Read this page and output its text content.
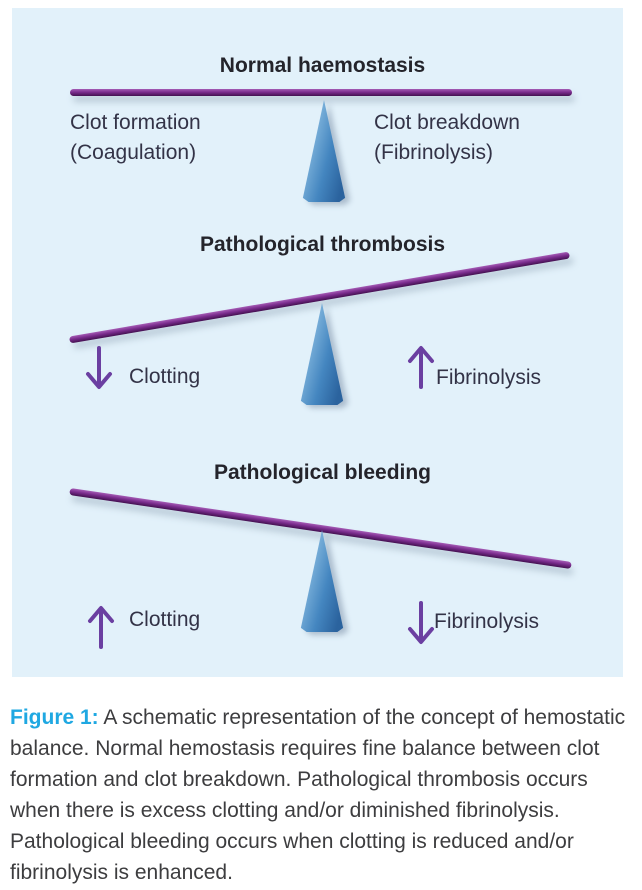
Normal haemostasis
Clot formation
(Coagulation)
Clot breakdown
(Fibrinolysis)
Pathological thrombosis
Clotting	Fibrinolysis
Pathological bleeding
Clotting	Fibrinolysis
Figure 1: A schematic representation of the concept of hemostatic balance. Normal hemostasis requires fine balance between clot formation and clot breakdown. Pathological thrombosis occurs when there is excess clotting and/or diminished fibrinolysis. Pathological bleeding occurs when clotting is reduced and/or fibrinolysis is enhanced.
